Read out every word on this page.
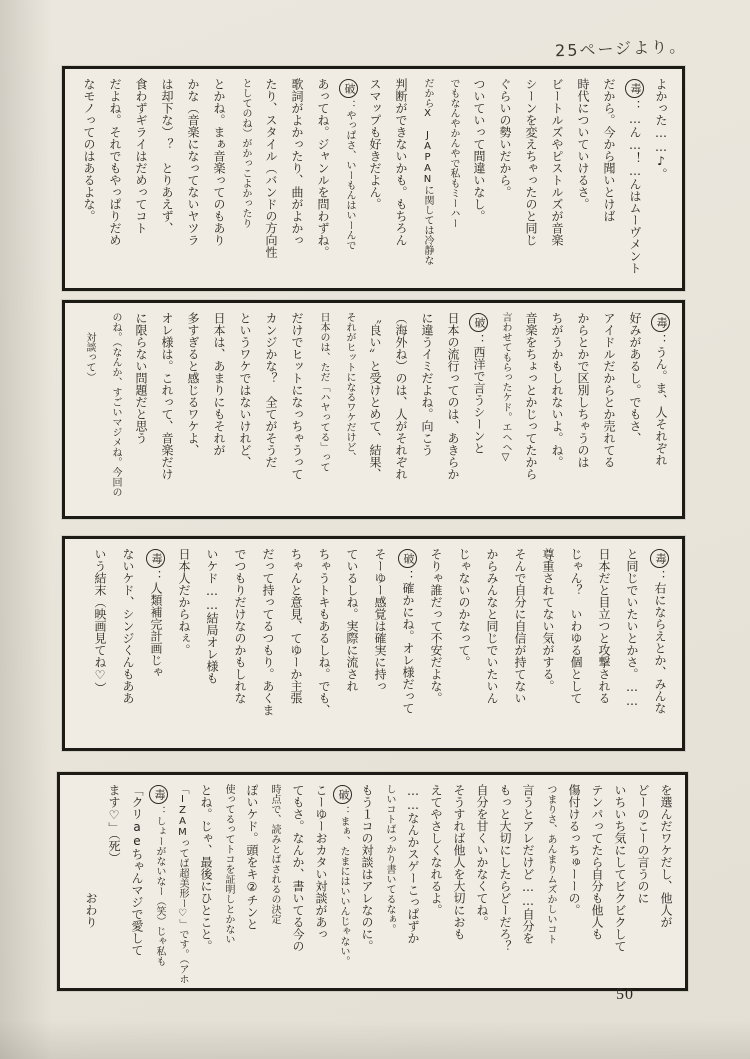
25ページより。
よかった……♪。
毒：…ん…！…んはムーヴメント
だから。今から聞いとけば
時代についていけるさ。
ビートルズやピストルズが音楽
シーンを変えちゃったのと同じ
ぐらいの勢いだから。
ついていって間違いなし。
でもなんやかんやで私もミーハー
だからX JAPANに関しては冷静な
判断ができないかも。もちろん
スマップも好きだよん。
破：やっぱさ、いーもんはいーんで
あってね。ジャンルを問わずね。
歌詞がよかったり、曲がよかっ
たり、スタイル（バンドの方向性
としてのね）がかっこよかったり
とかね。まぁ音楽ってのもあり
かな（音楽になってないヤツラ
は却下な）？　とりあえず、
食わずギライはだめってコト
だよね。それでもやっぱりだめ
なモノってのはあるよな。
毒：うん。ま、人それぞれ
好みがあるし。でもさ、
アイドルだからとか売れてる
からとかで区別しちゃうのは
ちがうかもしれないよ。ね。
音楽をちょっとかじってたから
言わせてもらったケド。エヘヘ▽
破：西洋で言うシーンと
日本の流行ってのは、あきらか
に違うイミだよね。向こう
（海外ね）のは、人がそれぞれ
〝良い〟と受けとめて、結果、
それがヒットになるワケだけど、
日本のは、ただ「ハヤってる」って
だけでヒットになっちゃうって
カンジかな？　全てがそうだ
というワケではないけれど、
日本は、あまりにもそれが
多すぎると感じるワケよ、
オレ様は。これって、音楽だけ
に限らない問題だと思う
のね。（なんか、すごいマジメね。今回の
対談って）
毒：右にならえとか、みんな
と同じでいたいとかさ。……
日本だと目立つと攻撃される
じゃん？　いわゆる個として
尊重されてない気がする。
そんで自分に自信が持てない
からみんなと同じでいたいん
じゃないのかなって。
そりゃ誰だって不安だよな。
破：確かにね。オレ様だって
そーゆー感覚は確実に持っ
ているしね。実際に流され
ちゃうトキもあるしね。でも、
ちゃんと意見、てゆーか主張
だって持ってるつもり。あくま
でつもりだけなのかもしれな
いケド……結局オレ様も
日本人だからねぇ。
毒：人類補完計画じゃ
ないケド、シンジくんもああ
いう結末（映画見てね♡）
を選んだワケだし、他人が
どーのこーの言うのに
いちいち気にしてビクビクして
テンパってたら自分も他人も
傷付けるっちゅーーの。
つまりさ、あんまりムズかしいコト
言うとアレだけど……自分を
もっと大切にしたらどーだろ？
自分を甘くいかなくてね。
そうすれば他人を大切におも
えてやさしくなれるよ。
……なんかスゲーこっぱずか
しいコトばっかり書いてるなぁ。
もう１コの対談はアレなのに。
破：まぁ、たまにはいいんじゃない。
こーゆーおカタい対談があっ
てもさ。なんか、書いてる今の
時点で、読みとばされるの決定
ぽいケド。頭をキ②チンと
使ってるってトコを証明しとかない
とね。じゃ、最後にひとこと。
「IZAMってば超美形ー♡」です。（アホ
毒：しょーがないなー（笑）じゃ私も
「クリaeちゃんマジで愛して
ます♡」（死）
おわり
50
